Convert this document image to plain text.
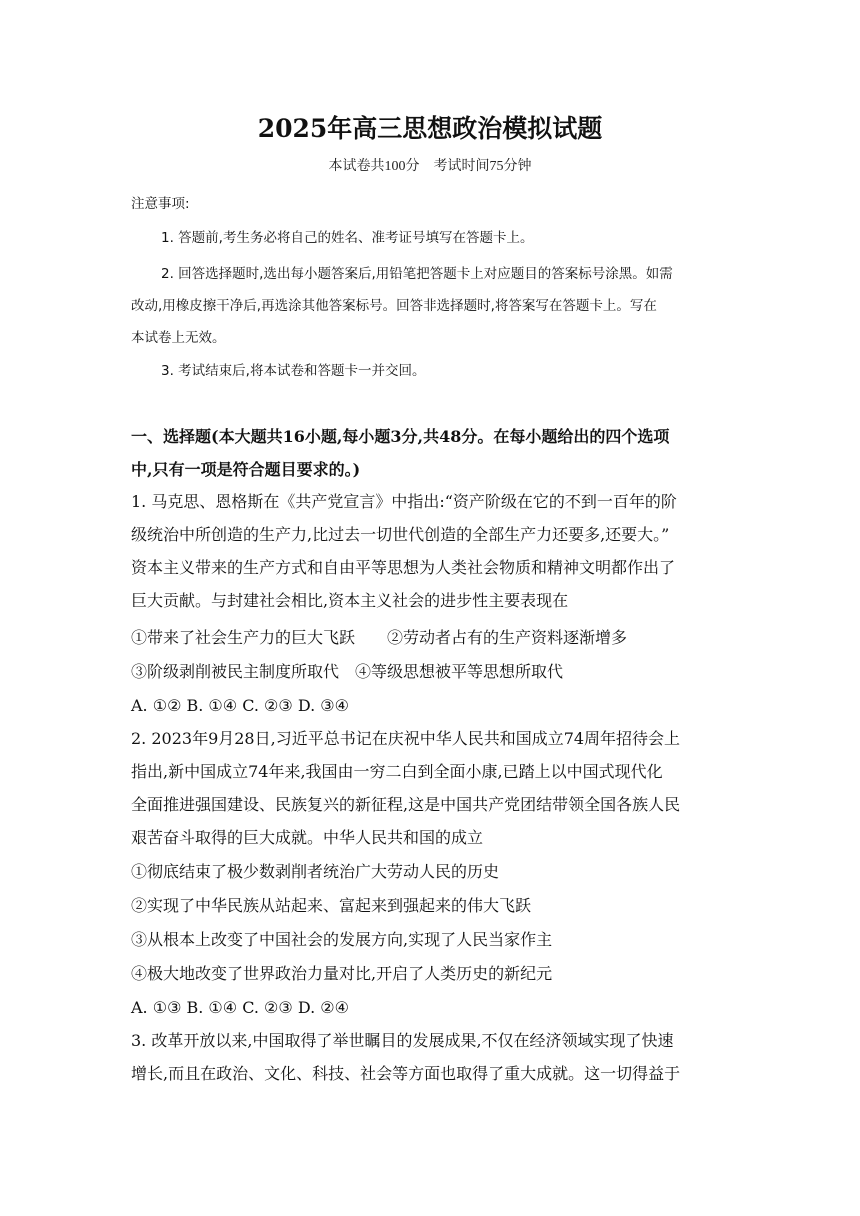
2025年高三思想政治模拟试题
本试卷共100分　考试时间75分钟
注意事项:
1. 答题前,考生务必将自己的姓名、准考证号填写在答题卡上。
2. 回答选择题时,选出每小题答案后,用铅笔把答题卡上对应题目的答案标号涂黑。如需
改动,用橡皮擦干净后,再选涂其他答案标号。回答非选择题时,将答案写在答题卡上。写在
本试卷上无效。
3. 考试结束后,将本试卷和答题卡一并交回。
一、选择题(本大题共16小题,每小题3分,共48分。在每小题给出的四个选项
中,只有一项是符合题目要求的。)
1. 马克思、恩格斯在《共产党宣言》中指出:“资产阶级在它的不到一百年的阶
级统治中所创造的生产力,比过去一切世代创造的全部生产力还要多,还要大。”
资本主义带来的生产方式和自由平等思想为人类社会物质和精神文明都作出了
巨大贡献。与封建社会相比,资本主义社会的进步性主要表现在
①带来了社会生产力的巨大飞跃　　②劳动者占有的生产资料逐渐增多
③阶级剥削被民主制度所取代　④等级思想被平等思想所取代
A. ①② B. ①④ C. ②③ D. ③④
2. 2023年9月28日,习近平总书记在庆祝中华人民共和国成立74周年招待会上
指出,新中国成立74年来,我国由一穷二白到全面小康,已踏上以中国式现代化
全面推进强国建设、民族复兴的新征程,这是中国共产党团结带领全国各族人民
艰苦奋斗取得的巨大成就。中华人民共和国的成立
①彻底结束了极少数剥削者统治广大劳动人民的历史
②实现了中华民族从站起来、富起来到强起来的伟大飞跃
③从根本上改变了中国社会的发展方向,实现了人民当家作主
④极大地改变了世界政治力量对比,开启了人类历史的新纪元
A. ①③ B. ①④ C. ②③ D. ②④
3. 改革开放以来,中国取得了举世瞩目的发展成果,不仅在经济领域实现了快速
增长,而且在政治、文化、科技、社会等方面也取得了重大成就。这一切得益于
